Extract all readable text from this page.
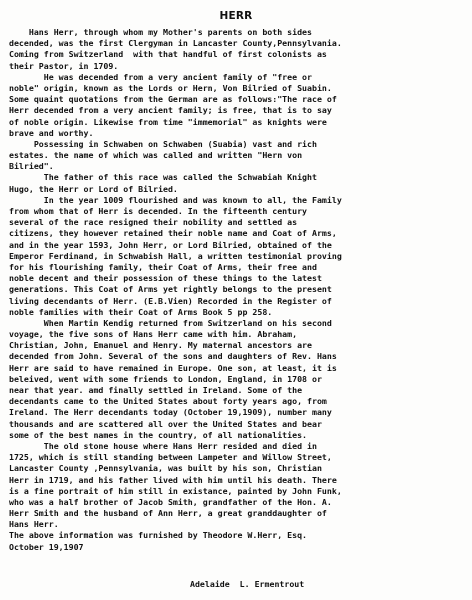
HERR
Hans Herr, through whom my Mother's parents on both sides
decended, was the first Clergyman in Lancaster County,Pennsylvania.
Coming from Switzerland  with that handful of first colonists as
their Pastor, in 1709.
He was decended from a very ancient family of "free or
noble" origin, known as the Lords or Hern, Von Bilried of Suabin.
Some quaint quotations from the German are as follows:"The race of
Herr decended from a very ancient family; is free, that is to say
of noble origin. Likewise from time "immemorial" as knights were
brave and worthy.
Possessing in Schwaben on Schwaben (Suabia) vast and rich
estates. the name of which was called and written "Hern von
Bilried".
The father of this race was called the Schwabiah Knight
Hugo, the Herr or Lord of Bilried.
In the year 1009 flourished and was known to all, the Family
from whom that of Herr is decended. In the fifteenth century
several of the race resigned their nobility and settled as
citizens, they however retained their noble name and Coat of Arms,
and in the year 1593, John Herr, or Lord Bilried, obtained of the
Emperor Ferdinand, in Schwabish Hall, a written testimonial proving
for his flourishing family, their Coat of Arms, their free and
noble decent and their possession of these things to the latest
generations. This Coat of Arms yet rightly belongs to the present
living decendants of Herr. (E.B.Vien) Recorded in the Register of
noble families with their Coat of Arms Book 5 pp 258.
When Martin Kendig returned from Switzerland on his second
voyage, the five sons of Hans Herr came with him. Abraham,
Christian, John, Emanuel and Henry. My maternal ancestors are
decended from John. Several of the sons and daughters of Rev. Hans
Herr are said to have remained in Europe. One son, at least, it is
beleived, went with some friends to London, England, in 1708 or
near that year. amd finally settled in Ireland. Some of the
decendants came to the United States about forty years ago, from
Ireland. The Herr decendants today (October 19,1909), number many
thousands and are scattered all over the United States and bear
some of the best names in the country, of all nationalities.
The old stone house where Hans Herr resided and died in
1725, which is still standing between Lampeter and Willow Street,
Lancaster County ,Pennsylvania, was built by his son, Christian
Herr in 1719, and his father lived with him until his death. There
is a fine portrait of him still in existance, painted by John Funk,
who was a half brother of Jacob Smith, grandfather of the Hon. A.
Herr Smith and the husband of Ann Herr, a great granddaughter of
Hans Herr.
The above information was furnished by Theodore W.Herr, Esq.
October 19,1907
Adelaide  L. Ermentrout
